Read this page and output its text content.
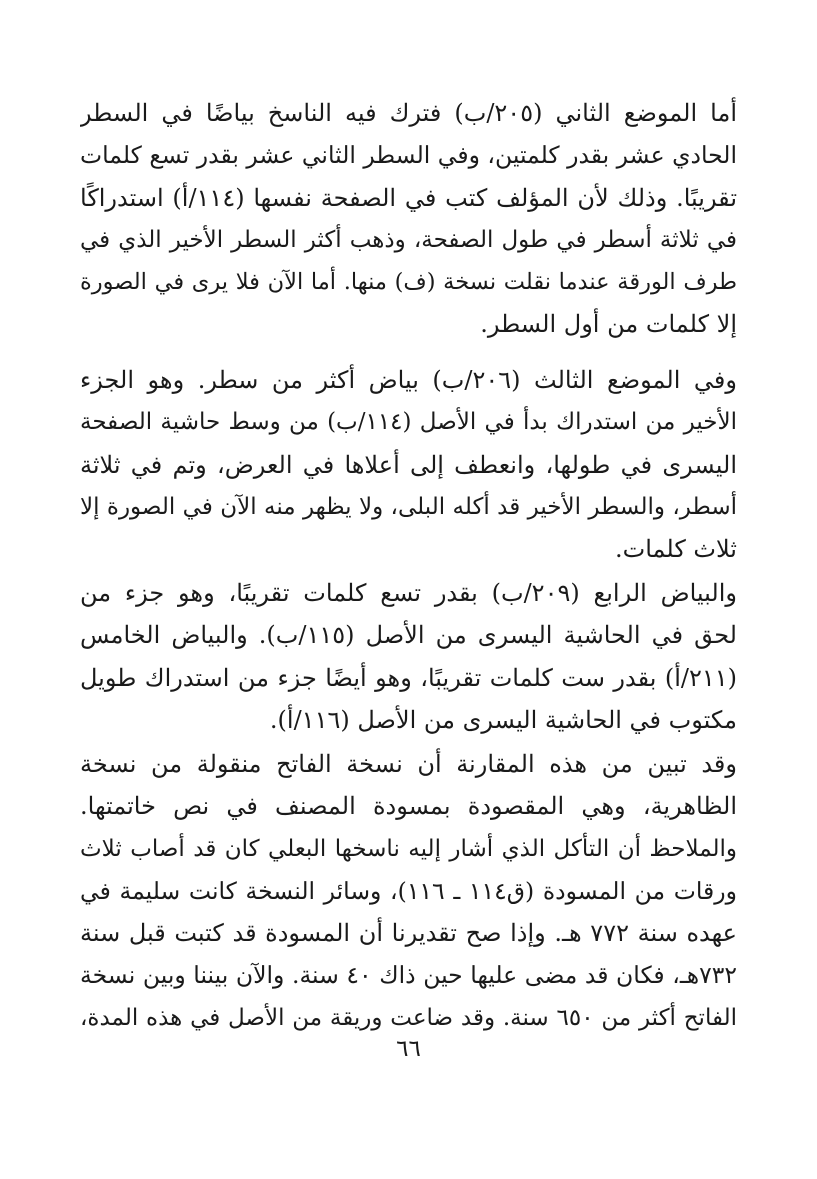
أما الموضع الثاني (٢٠٥/ب) فترك فيه الناسخ بياضًا في السطر
الحادي عشر بقدر كلمتين، وفي السطر الثاني عشر بقدر تسع كلمات
تقريبًا. وذلك لأن المؤلف كتب في الصفحة نفسها (١١٤/أ) استدراكًا
في ثلاثة أسطر في طول الصفحة، وذهب أكثر السطر الأخير الذي في
طرف الورقة عندما نقلت نسخة (ف) منها. أما الآن فلا يرى في الصورة
إلا كلمات من أول السطر.

وفي الموضع الثالث (٢٠٦/ب) بياض أكثر من سطر. وهو الجزء
الأخير من استدراك بدأ في الأصل (١١٤/ب) من وسط حاشية الصفحة
اليسرى في طولها، وانعطف إلى أعلاها في العرض، وتم في ثلاثة
أسطر، والسطر الأخير قد أكله البلى، ولا يظهر منه الآن في الصورة إلا
ثلاث كلمات.

والبياض الرابع (٢٠٩/ب) بقدر تسع كلمات تقريبًا، وهو جزء من
لحق في الحاشية اليسرى من الأصل (١١٥/ب). والبياض الخامس
(٢١١/أ) بقدر ست كلمات تقريبًا، وهو أيضًا جزء من استدراك طويل
مكتوب في الحاشية اليسرى من الأصل (١١٦/أ).

وقد تبين من هذه المقارنة أن نسخة الفاتح منقولة من نسخة
الظاهرية، وهي المقصودة بمسودة المصنف في نص خاتمتها.
والملاحظ أن التأكل الذي أشار إليه ناسخها البعلي كان قد أصاب ثلاث
ورقات من المسودة (ق١١٤ ـ ١١٦)، وسائر النسخة كانت سليمة في
عهده سنة ٧٧٢ هـ. وإذا صح تقديرنا أن المسودة قد كتبت قبل سنة
٧٣٢هـ، فكان قد مضى عليها حين ذاك ٤٠ سنة. والآن بيننا وبين نسخة
الفاتح أكثر من ٦٥٠ سنة. وقد ضاعت وريقة من الأصل في هذه المدة،

٦٦
